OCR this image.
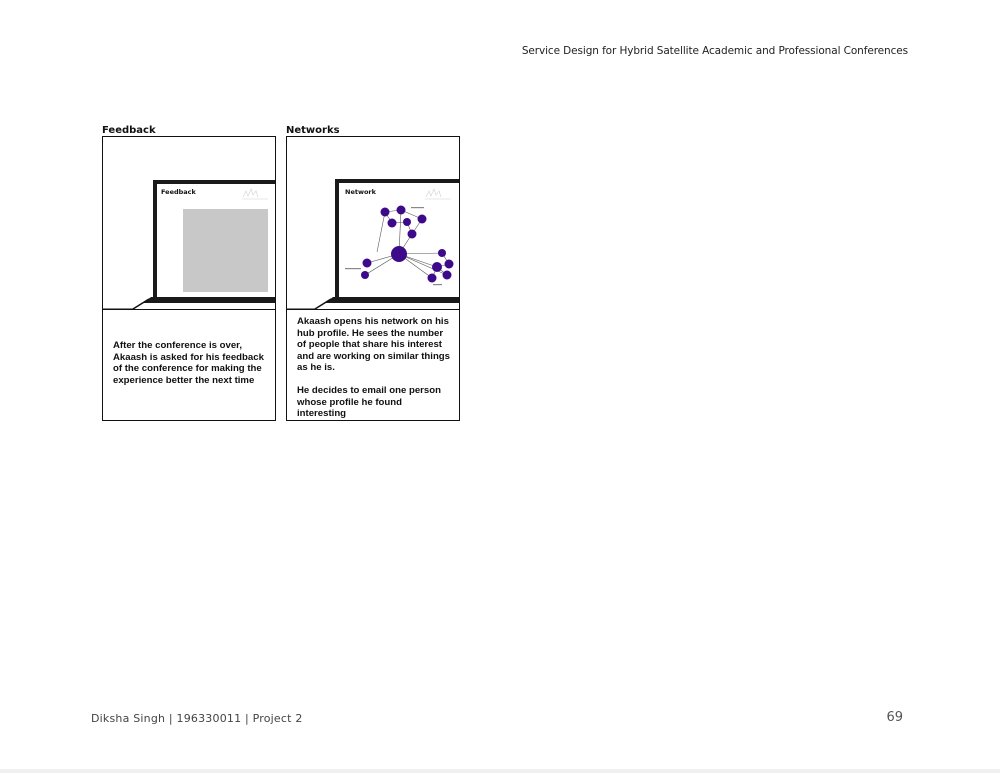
Service Design for Hybrid Satellite Academic and Professional Conferences
Feedback
Feedback

After the conference is over, Akaash is asked for his feedback of the conference for making the experience better the next time

Networks
Network

Akaash opens his network on his hub profile. He sees the number of people that share his interest and are working on similar things as he is.

He decides to email one person whose profile he found interesting

Diksha Singh | 196330011 | Project 2	69
